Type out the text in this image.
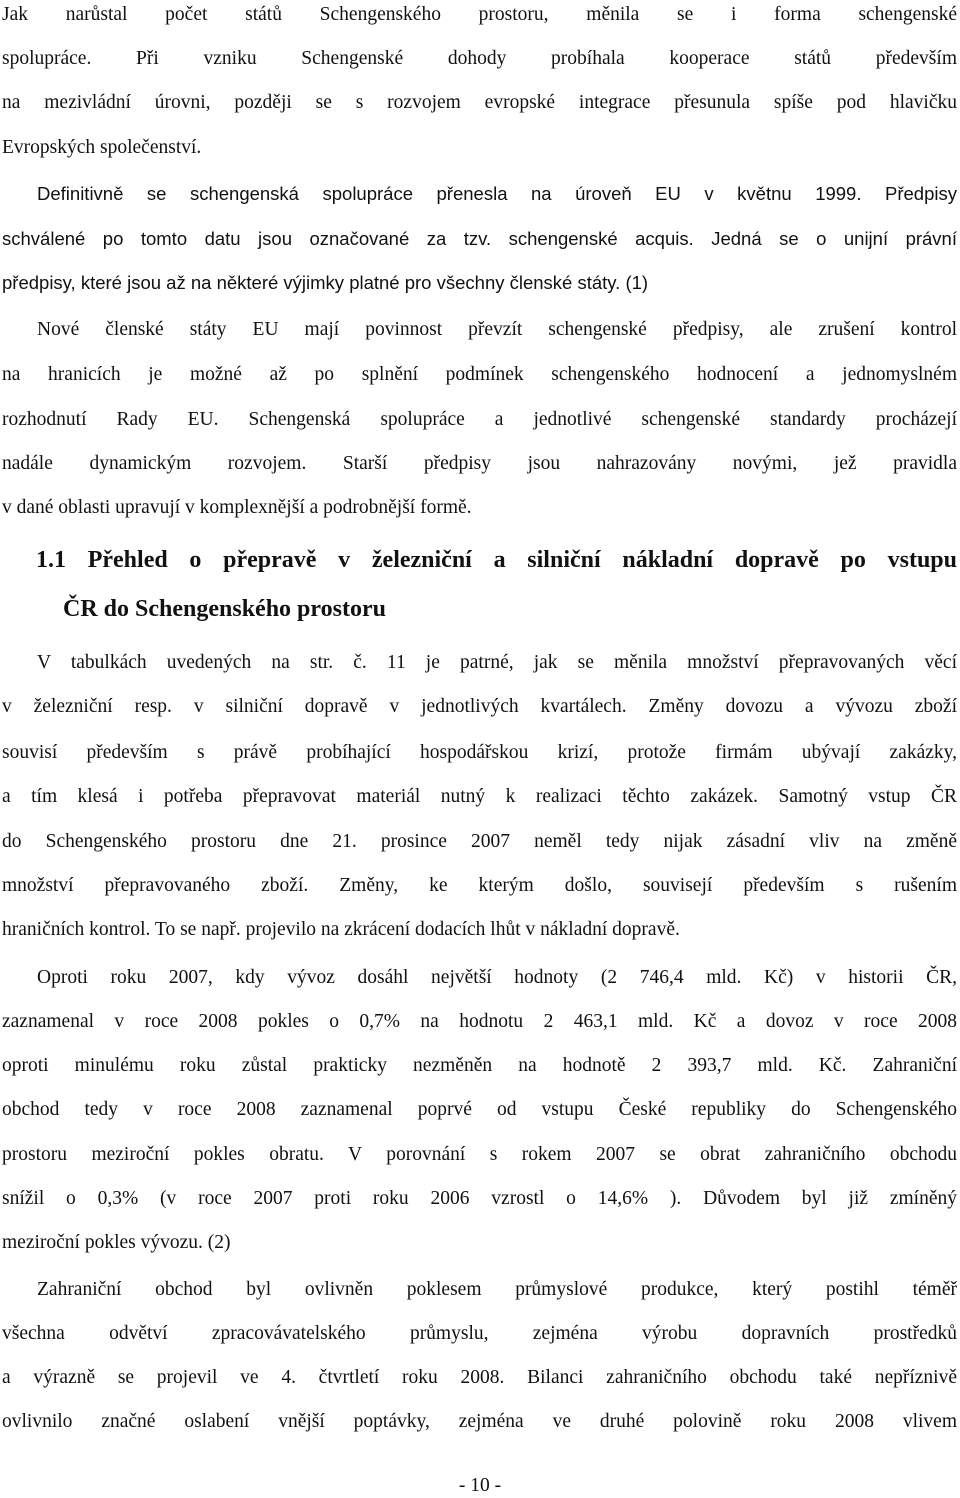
Jak narůstal počet států Schengenského prostoru, měnila se i forma schengenské
spolupráce. Při vzniku Schengenské dohody probíhala kooperace států především
na mezivládní úrovni, později se s rozvojem evropské integrace přesunula spíše pod hlavičku
Evropských společenství.
Definitivně se schengenská spolupráce přenesla na úroveň EU v květnu 1999. Předpisy
schválené po tomto datu jsou označované za tzv. schengenské acquis. Jedná se o unijní právní
předpisy, které jsou až na některé výjimky platné pro všechny členské státy. (1)
Nové členské státy EU mají povinnost převzít schengenské předpisy, ale zrušení kontrol
na hranicích je možné až po splnění podmínek schengenského hodnocení a jednomyslném
rozhodnutí Rady EU. Schengenská spolupráce a jednotlivé schengenské standardy procházejí
nadále dynamickým rozvojem. Starší předpisy jsou nahrazovány novými, jež pravidla
v dané oblasti upravují v komplexnější a podrobnější formě.
1.1 Přehled o přepravě v železniční a silniční nákladní dopravě po vstupu
ČR do Schengenského prostoru
V tabulkách uvedených na str. č. 11 je patrné, jak se měnila množství přepravovaných věcí
v železniční resp. v silniční dopravě v jednotlivých kvartálech. Změny dovozu a vývozu zboží
souvisí především s právě probíhající hospodářskou krizí, protože firmám ubývají zakázky,
a tím klesá i potřeba přepravovat materiál nutný k realizaci těchto zakázek. Samotný vstup ČR
do Schengenského prostoru dne 21. prosince 2007 neměl tedy nijak zásadní vliv na změně
množství přepravovaného zboží. Změny, ke kterým došlo, souvisejí především s rušením
hraničních kontrol. To se např. projevilo na zkrácení dodacích lhůt v nákladní dopravě.
Oproti roku 2007, kdy vývoz dosáhl největší hodnoty (2 746,4 mld. Kč) v historii ČR,
zaznamenal v roce 2008 pokles o 0,7% na hodnotu 2 463,1 mld. Kč a dovoz v roce 2008
oproti minulému roku zůstal prakticky nezměněn na hodnotě 2 393,7 mld. Kč. Zahraniční
obchod tedy v roce 2008 zaznamenal poprvé od vstupu České republiky do Schengenského
prostoru meziroční pokles obratu. V porovnání s rokem 2007 se obrat zahraničního obchodu
snížil o 0,3% (v roce 2007 proti roku 2006 vzrostl o 14,6% ). Důvodem byl již zmíněný
meziroční pokles vývozu. (2)
Zahraniční obchod byl ovlivněn poklesem průmyslové produkce, který postihl téměř
všechna odvětví zpracovávatelského průmyslu, zejména výrobu dopravních prostředků
a výrazně se projevil ve 4. čtvrtletí roku 2008. Bilanci zahraničního obchodu také nepříznivě
ovlivnilo značné oslabení vnější poptávky, zejména ve druhé polovině roku 2008 vlivem
- 10 -
